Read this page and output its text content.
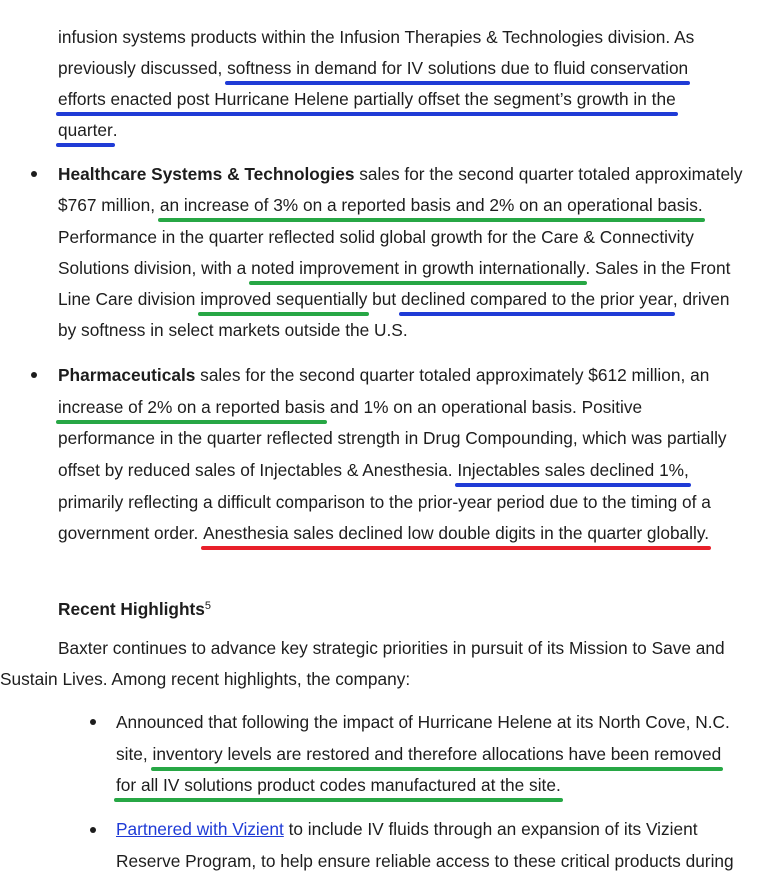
infusion systems products within the Infusion Therapies & Technologies division. As
previously discussed, softness in demand for IV solutions due to fluid conservation
efforts enacted post Hurricane Helene partially offset the segment’s growth in the
quarter.
Healthcare Systems & Technologies sales for the second quarter totaled approximately
$767 million, an increase of 3% on a reported basis and 2% on an operational basis.
Performance in the quarter reflected solid global growth for the Care & Connectivity
Solutions division, with a noted improvement in growth internationally. Sales in the Front
Line Care division improved sequentially but declined compared to the prior year, driven
by softness in select markets outside the U.S.
Pharmaceuticals sales for the second quarter totaled approximately $612 million, an
increase of 2% on a reported basis and 1% on an operational basis. Positive
performance in the quarter reflected strength in Drug Compounding, which was partially
offset by reduced sales of Injectables & Anesthesia. Injectables sales declined 1%,
primarily reflecting a difficult comparison to the prior-year period due to the timing of a
government order. Anesthesia sales declined low double digits in the quarter globally.
Recent Highlights$^5$
Baxter continues to advance key strategic priorities in pursuit of its Mission to Save and
Sustain Lives. Among recent highlights, the company:
Announced that following the impact of Hurricane Helene at its North Cove, N.C.
site, inventory levels are restored and therefore allocations have been removed
for all IV solutions product codes manufactured at the site.
Partnered with Vizient to include IV fluids through an expansion of its Vizient
Reserve Program, to help ensure reliable access to these critical products during
